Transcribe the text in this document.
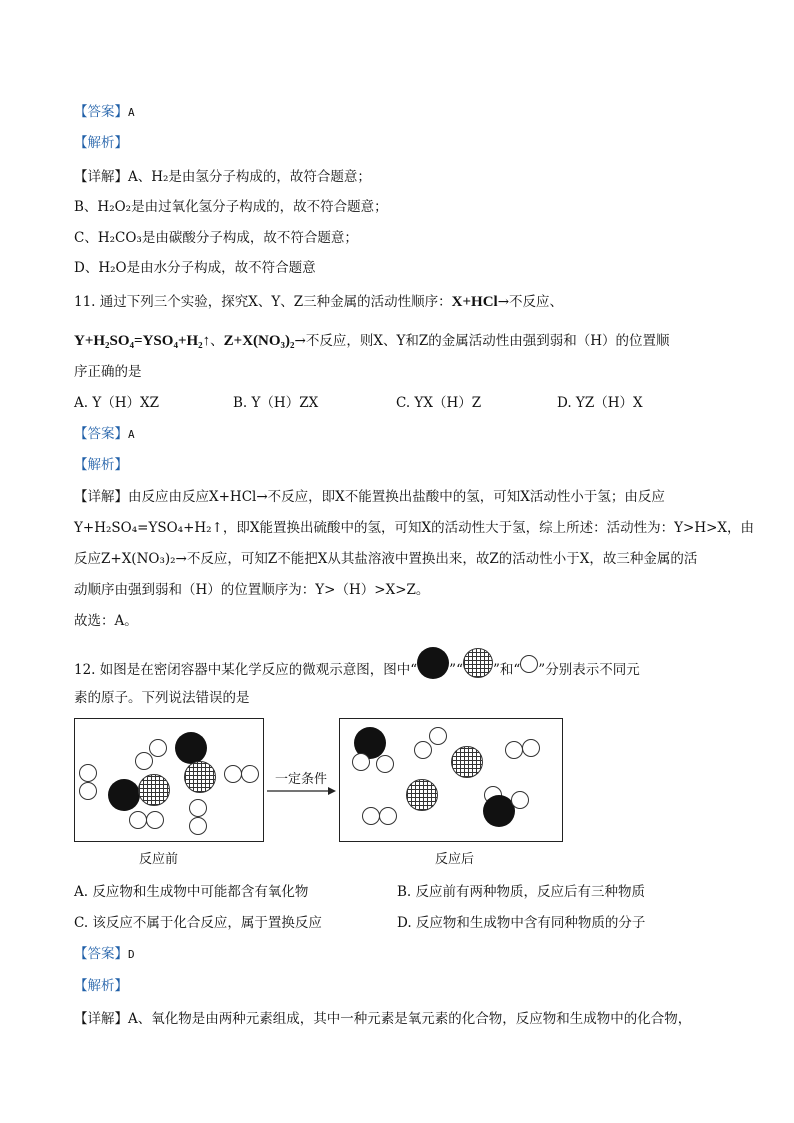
【答案】A
【解析】
【详解】A、H₂是由氢分子构成的，故符合题意；
B、H₂O₂是由过氧化氢分子构成的，故不符合题意；
C、H₂CO₃是由碳酸分子构成，故不符合题意；
D、H₂O是由水分子构成，故不符合题意
11. 通过下列三个实验，探究X、Y、Z三种金属的活动性顺序：X+HCl→不反应、
Y+H₂SO₄=YSO₄+H₂↑、Z+X(NO₃)₂→不反应，则X、Y和Z的金属活动性由强到弱和（H）的位置顺
序正确的是
A. Y（H）XZ	B. Y（H）ZX	C. YX（H）Z	D. YZ（H）X
【答案】A
【解析】
【详解】由反应由反应X+HCl→不反应，即X不能置换出盐酸中的氢，可知X活动性小于氢；由反应
Y+H₂SO₄=YSO₄+H₂↑，即X能置换出硫酸中的氢，可知X的活动性大于氢，综上所述：活动性为：Y>H>X，由
反应Z+X(NO₃)₂→不反应，可知Z不能把X从其盐溶液中置换出来，故Z的活动性小于X，故三种金属的活
动顺序由强到弱和（H）的位置顺序为：Y>（H）>X>Z。
故选：A。
12. 如图是在密闭容器中某化学反应的微观示意图，图中“ ”“ ”和“ ”分别表示不同元
素的原子。下列说法错误的是
反应前
一定条件
反应后
A. 反应物和生成物中可能都含有氧化物	B. 反应前有两种物质，反应后有三种物质
C. 该反应不属于化合反应，属于置换反应	D. 反应物和生成物中含有同种物质的分子
【答案】D
【解析】
【详解】A、氧化物是由两种元素组成，其中一种元素是氧元素的化合物，反应物和生成物中的化合物，
